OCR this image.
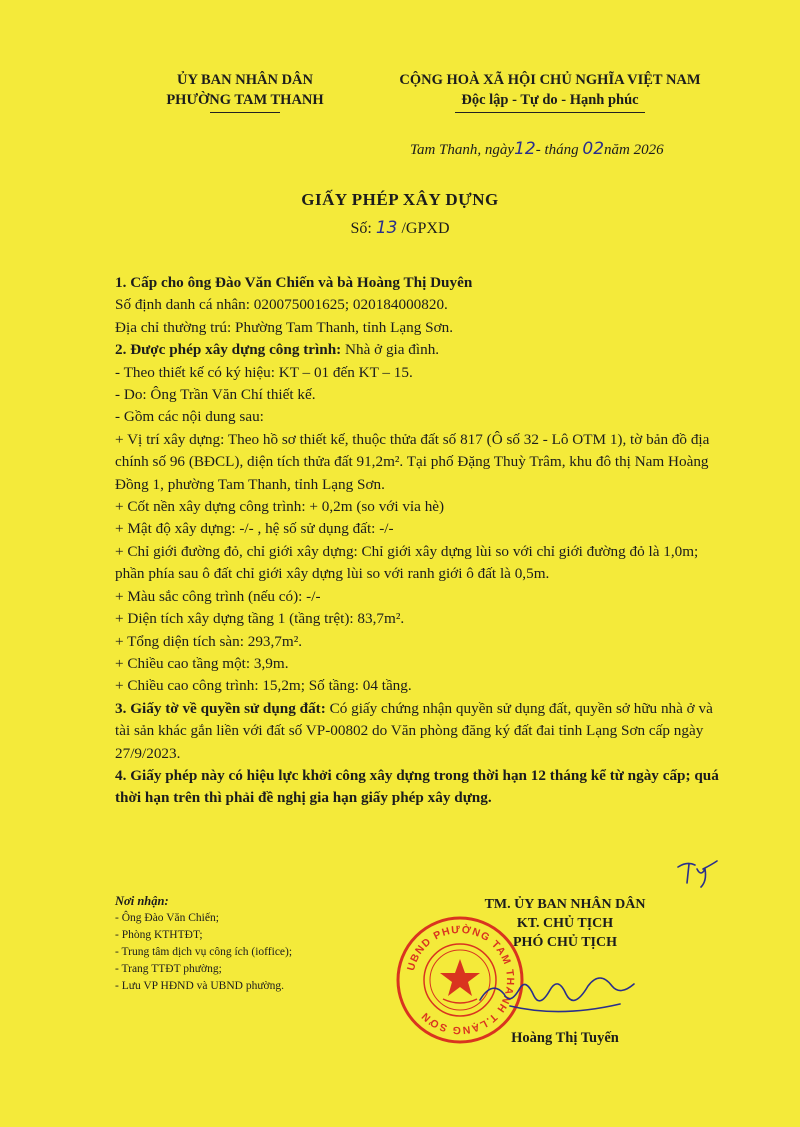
ỦY BAN NHÂN DÂN
PHƯỜNG TAM THANH
CỘNG HOÀ XÃ HỘI CHỦ NGHĨA VIỆT NAM
Độc lập - Tự do - Hạnh phúc
Tam Thanh, ngày12- tháng 02năm 2026
GIẤY PHÉP XÂY DỰNG
Số: 13 /GPXD

1. Cấp cho ông Đào Văn Chiến và bà Hoàng Thị Duyên

Số định danh cá nhân: 020075001625; 020184000820.

Địa chỉ thường trú: Phường Tam Thanh, tỉnh Lạng Sơn.

2. Được phép xây dựng công trình: Nhà ở gia đình.

- Theo thiết kế có ký hiệu: KT – 01 đến KT – 15.

- Do: Ông Trần Văn Chí thiết kế.

- Gồm các nội dung sau:

+ Vị trí xây dựng: Theo hồ sơ thiết kế, thuộc thửa đất số 817 (Ô số 32 - Lô OTM 1), tờ bản đồ địa chính số 96 (BĐCL), diện tích thửa đất 91,2m². Tại phố Đặng Thuỳ Trâm, khu đô thị Nam Hoàng Đồng 1, phường Tam Thanh, tỉnh Lạng Sơn.

+ Cốt nền xây dựng công trình: + 0,2m (so với vỉa hè)

+ Mật độ xây dựng: -/- , hệ số sử dụng đất: -/-

+ Chỉ giới đường đỏ, chỉ giới xây dựng: Chỉ giới xây dựng lùi so với chỉ giới đường đỏ là 1,0m; phần phía sau ô đất chỉ giới xây dựng lùi so với ranh giới ô đất là 0,5m.

+ Màu sắc công trình (nếu có): -/-

+ Diện tích xây dựng tầng 1 (tầng trệt): 83,7m².

+ Tổng diện tích sàn: 293,7m².

+ Chiều cao tầng một: 3,9m.

+ Chiều cao công trình: 15,2m; Số tầng: 04 tầng.

3. Giấy tờ về quyền sử dụng đất: Có giấy chứng nhận quyền sử dụng đất, quyền sở hữu nhà ở và tài sản khác gắn liền với đất số VP-00802 do Văn phòng đăng ký đất đai tỉnh Lạng Sơn cấp ngày 27/9/2023.

4. Giấy phép này có hiệu lực khởi công xây dựng trong thời hạn 12 tháng kể từ ngày cấp; quá thời hạn trên thì phải đề nghị gia hạn giấy phép xây dựng.

Nơi nhận:
- Ông Đào Văn Chiến;
- Phòng KTHTĐT;
- Trung tâm dịch vụ công ích (ioffice);
- Trang TTĐT phường;
- Lưu VP HĐND và UBND phường.
TM. ỦY BAN NHÂN DÂN
KT. CHỦ TỊCH
PHÓ CHỦ TỊCH
UBND PHƯỜNG TAM THANH T.LẠNG SƠN
Hoàng Thị Tuyến
